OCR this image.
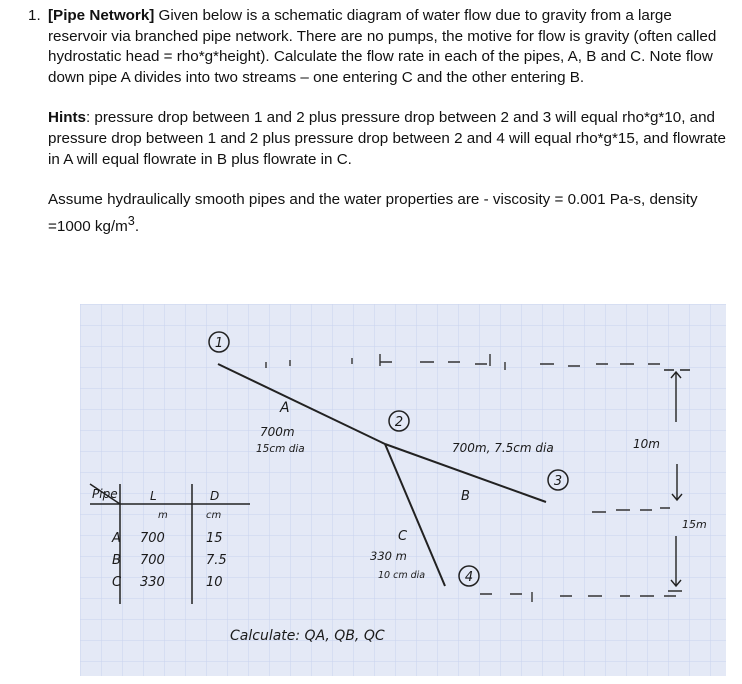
1. [Pipe Network] Given below is a schematic diagram of water flow due to gravity from a large reservoir via branched pipe network. There are no pumps, the motive for flow is gravity (often called hydrostatic head = rho*g*height). Calculate the flow rate in each of the pipes, A, B and C. Note flow down pipe A divides into two streams – one entering C and the other entering B.

Hints: pressure drop between 1 and 2 plus pressure drop between 2 and 3 will equal rho*g*10, and pressure drop between 1 and 2 plus pressure drop between 2 and 4 will equal rho*g*15, and flowrate in A will equal flowrate in B plus flowrate in C.

Assume hydraulically smooth pipes and the water properties are - viscosity = 0.001 Pa-s, density =1000 $kg/m^3$.

1
2
3
4
A
700m
15cm dia	700m, 7.5cm dia
B
C
330 m
10 cm dia
10m
15m
Pipe	L	D
m	cm
A 700	15
B 700	7.5
C 330	10
Calculate: QA, QB, QC
